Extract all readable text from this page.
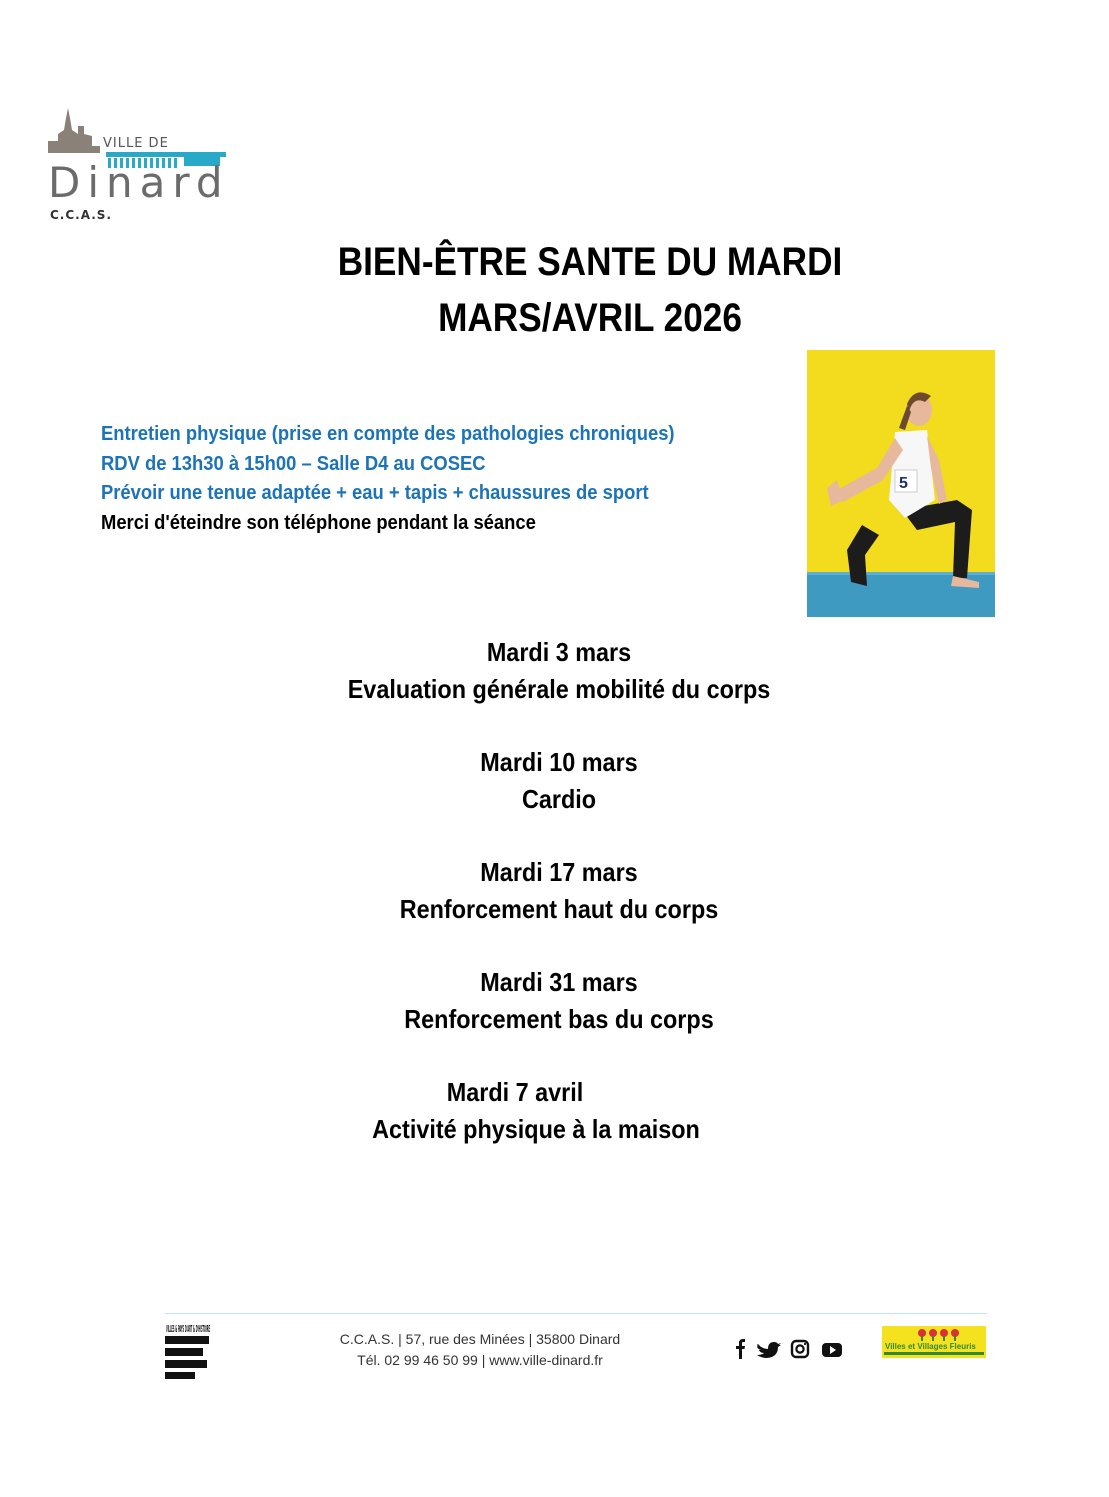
VILLE DE
Dinard
C.C.A.S.
BIEN-ÊTRE SANTE DU MARDI
MARS/AVRIL 2026
5
Entretien physique (prise en compte des pathologies chroniques)
RDV de 13h30 à 15h00 – Salle D4 au COSEC
Prévoir une tenue adaptée + eau + tapis + chaussures de sport
Merci d'éteindre son téléphone pendant la séance
Mardi 3 mars
Evaluation générale mobilité du corps
Mardi 10 mars
Cardio
Mardi 17 mars
Renforcement haut du corps
Mardi 31 mars
Renforcement bas du corps
Mardi 7 avril
Activité physique à la maison
VILLES & PAYS D'ART & D'HISTOIRE
C.C.A.S. | 57, rue des Minées | 35800 Dinard
Tél. 02 99 46 50 99 | www.ville-dinard.fr
Villes et Villages Fleuris
